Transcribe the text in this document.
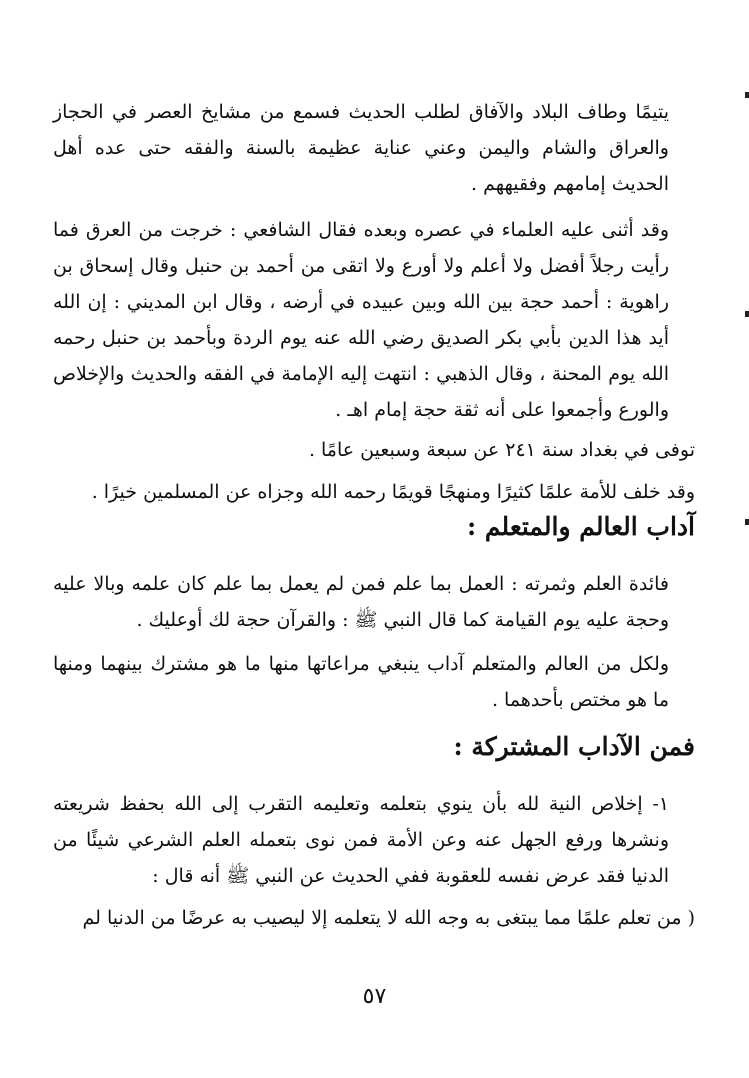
يتيمًا وطاف البلاد والآفاق لطلب الحديث فسمع من مشايخ العصر في الحجاز والعراق والشام واليمن وعني عناية عظيمة بالسنة والفقه حتى عده أهل الحديث إمامهم وفقيههم .

وقد أثنى عليه العلماء في عصره وبعده فقال الشافعي : خرجت من العرق فما رأيت رجلاً أفضل ولا أعلم ولا أورع ولا اتقى من أحمد بن حنبل وقال إسحاق بن راهوية : أحمد حجة بين الله وبين عبيده في أرضه ، وقال ابن المديني : إن الله أيد هذا الدين بأبي بكر الصديق رضي الله عنه يوم الردة وبأحمد بن حنبل رحمه الله يوم المحنة ، وقال الذهبي : انتهت إليه الإمامة في الفقه والحديث والإخلاص والورع وأجمعوا على أنه ثقة حجة إمام اهـ .

توفى في بغداد سنة ٢٤١ عن سبعة وسبعين عامًا .

وقد خلف للأمة علمًا كثيرًا ومنهجًا قويمًا رحمه الله وجزاه عن المسلمين خيرًا .

آداب العالم والمتعلم :

فائدة العلم وثمرته : العمل بما علم فمن لم يعمل بما علم كان علمه وبالا عليه وحجة عليه يوم القيامة كما قال النبي ﷺ : والقرآن حجة لك أوعليك .

ولكل من العالم والمتعلم آداب ينبغي مراعاتها منها ما هو مشترك بينهما ومنها ما هو مختص بأحدهما .

فمن الآداب المشتركة :

١- إخلاص النية لله بأن ينوي بتعلمه وتعليمه التقرب إلى الله بحفظ شريعته ونشرها ورفع الجهل عنه وعن الأمة فمن نوى بتعمله العلم الشرعي شيئًا من الدنيا فقد عرض نفسه للعقوبة ففي الحديث عن النبي ﷺ أنه قال :

( من تعلم علمًا مما يبتغى به وجه الله لا يتعلمه إلا ليصيب به عرضًا من الدنيا لم

٥٧
